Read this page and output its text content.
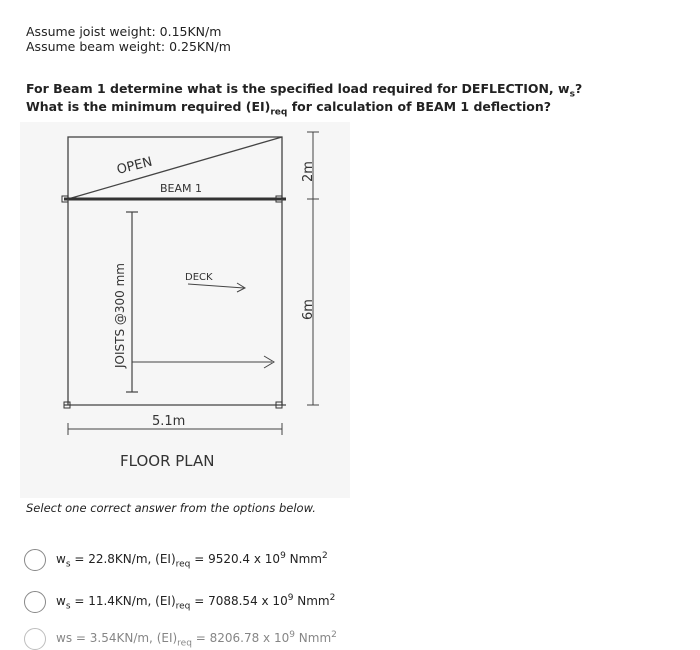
Assume joist weight: 0.15KN/m
Assume beam weight: 0.25KN/m
For Beam 1 determine what is the specified load required for DEFLECTION, $w_s$?
What is the minimum required $(EI)_{req}$ for calculation of BEAM 1 deflection?
OPEN
BEAM 1
DECK
JOISTS @300 mm
2m
6m
5.1m
FLOOR PLAN
Select one correct answer from the options below.
$w_s = 22.8KN/m$, $(EI)_{req} = 9520.4$ x $10^9$ Nmm$^2$
$w_s = 11.4KN/m$, $(EI)_{req} = 7088.54$ x $10^9$ Nmm$^2$
ws = 3.54KN/m, $(EI)_{req} = 8206.78$ x $10^9$ Nmm$^2$
